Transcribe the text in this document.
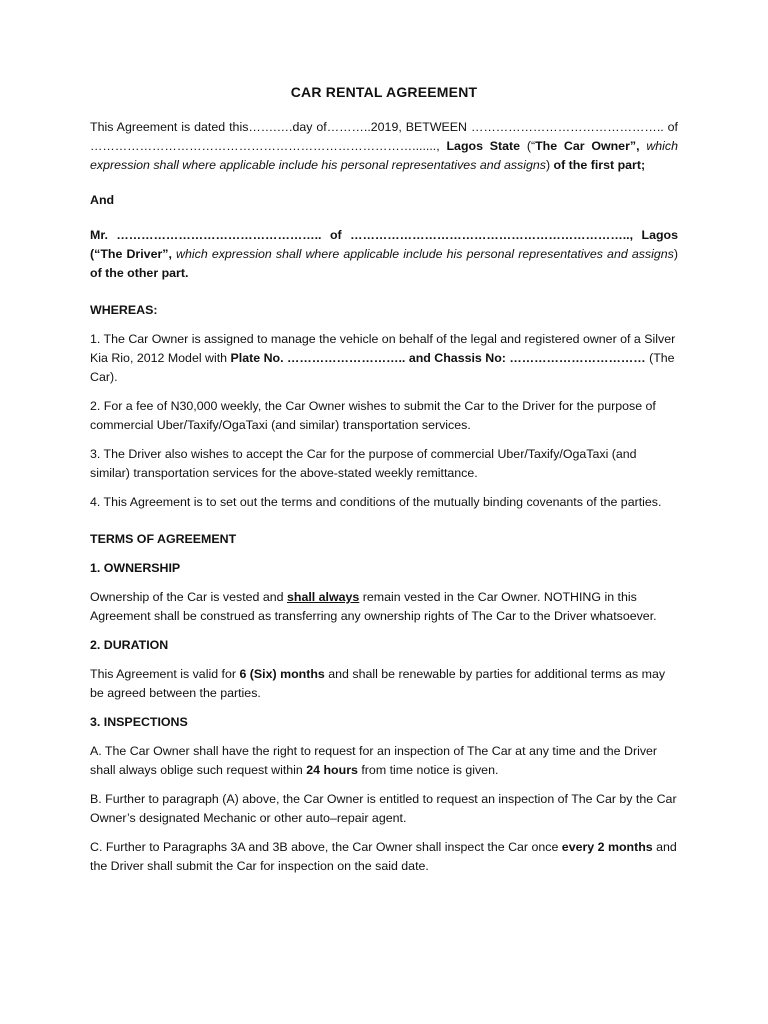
CAR RENTAL AGREEMENT

This Agreement is dated this…….….day of………..2019, BETWEEN ……………………………………….. of ……………………………………………………………………......., Lagos State (“The Car Owner”, which expression shall where applicable include his personal representatives and assigns) of the first part;

And

Mr. ………………………………………….. of ………………………………………………………….., Lagos (“The Driver”, which expression shall where applicable include his personal representatives and assigns) of the other part.

WHEREAS:

1. The Car Owner is assigned to manage the vehicle on behalf of the legal and registered owner of a Silver Kia Rio, 2012 Model with Plate No. ……………………….. and Chassis No: …………………………… (The Car).

2. For a fee of N30,000 weekly, the Car Owner wishes to submit the Car to the Driver for the purpose of commercial Uber/Taxify/OgaTaxi (and similar) transportation services.

3. The Driver also wishes to accept the Car for the purpose of commercial Uber/Taxify/OgaTaxi (and similar) transportation services for the above-stated weekly remittance.

4. This Agreement is to set out the terms and conditions of the mutually binding covenants of the parties.

TERMS OF AGREEMENT

1. OWNERSHIP

Ownership of the Car is vested and shall always remain vested in the Car Owner. NOTHING in this Agreement shall be construed as transferring any ownership rights of The Car to the Driver whatsoever.

2. DURATION

This Agreement is valid for 6 (Six) months and shall be renewable by parties for additional terms as may be agreed between the parties.

3. INSPECTIONS

A. The Car Owner shall have the right to request for an inspection of The Car at any time and the Driver shall always oblige such request within 24 hours from time notice is given.

B. Further to paragraph (A) above, the Car Owner is entitled to request an inspection of The Car by the Car Owner’s designated Mechanic or other auto–repair agent.

C. Further to Paragraphs 3A and 3B above, the Car Owner shall inspect the Car once every 2 months and the Driver shall submit the Car for inspection on the said date.
